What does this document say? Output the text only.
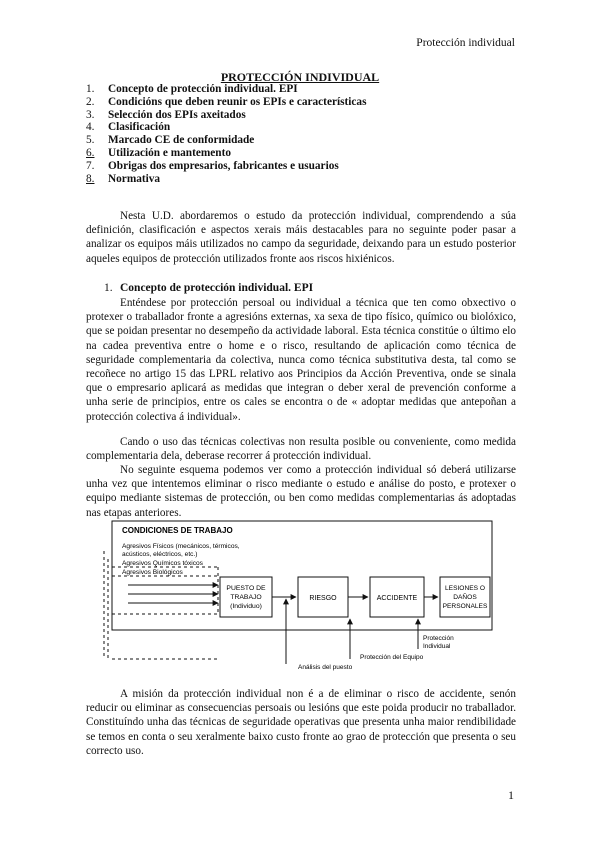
Protección individual
PROTECCIÓN INDIVIDUAL
1. Concepto de protección individual. EPI
2. Condicións que deben reunir os EPIs e características
3. Selección dos EPIs axeitados
4. Clasificación
5. Marcado CE de conformidade
6. Utilización e mantemento
7. Obrigas dos empresarios, fabricantes e usuarios
8. Normativa

Nesta U.D. abordaremos o estudo da protección individual, comprendendo a súa definición, clasificación e aspectos xerais máis destacables para no seguinte poder pasar a analizar os equipos máis utilizados no campo da seguridade, deixando para un estudo posterior aqueles equipos de protección utilizados fronte aos riscos hixiénicos.

1. Concepto de protección individual. EPI

Enténdese por protección persoal ou individual a técnica que ten como obxectivo o protexer o traballador fronte a agresións externas, xa sexa de tipo físico, químico ou biolóxico, que se poidan presentar no desempeño da actividade laboral. Esta técnica constitúe o último elo na cadea preventiva entre o home e o risco, resultando de aplicación como técnica de seguridade complementaria da colectiva, nunca como técnica substitutiva desta, tal como se recoñece no artigo 15 das LPRL relativo aos Principios da Acción Preventiva, onde se sinala que o empresario aplicará as medidas que integran o deber xeral de prevención conforme a unha serie de principios, entre os cales se encontra o de « adoptar medidas que antepoñan a protección colectiva á individual».

Cando o uso das técnicas colectivas non resulta posible ou conveniente, como medida complementaria dela, deberase recorrer á protección individual.

No seguinte esquema podemos ver como a protección individual só deberá utilizarse unha vez que intentemos eliminar o risco mediante o estudo e análise do posto, e protexer o equipo mediante sistemas de protección, ou ben como medidas complementarias ás adoptadas nas etapas anteriores.

CONDICIONES DE TRABAJO
Agresivos Físicos (mecánicos, térmicos,
acústicos, eléctricos, etc.)
Agresivos Químicos tóxicos
Agresivos Biológicos
PUESTO DE
TRABAJO
(Individuo)
RIESGO	ACCIDENTE
LESIONES O
DAÑOS
PERSONALES
Protección
Individual
Protección del Equipo
Análisis del puesto

A misión da protección individual non é a de eliminar o risco de accidente, senón reducir ou eliminar as consecuencias persoais ou lesións que este poida producir no traballador. Constituíndo unha das técnicas de seguridade operativas que presenta unha maior rendibilidade se temos en conta o seu xeralmente baixo custo fronte ao grao de protección que presenta o seu correcto uso.

1
